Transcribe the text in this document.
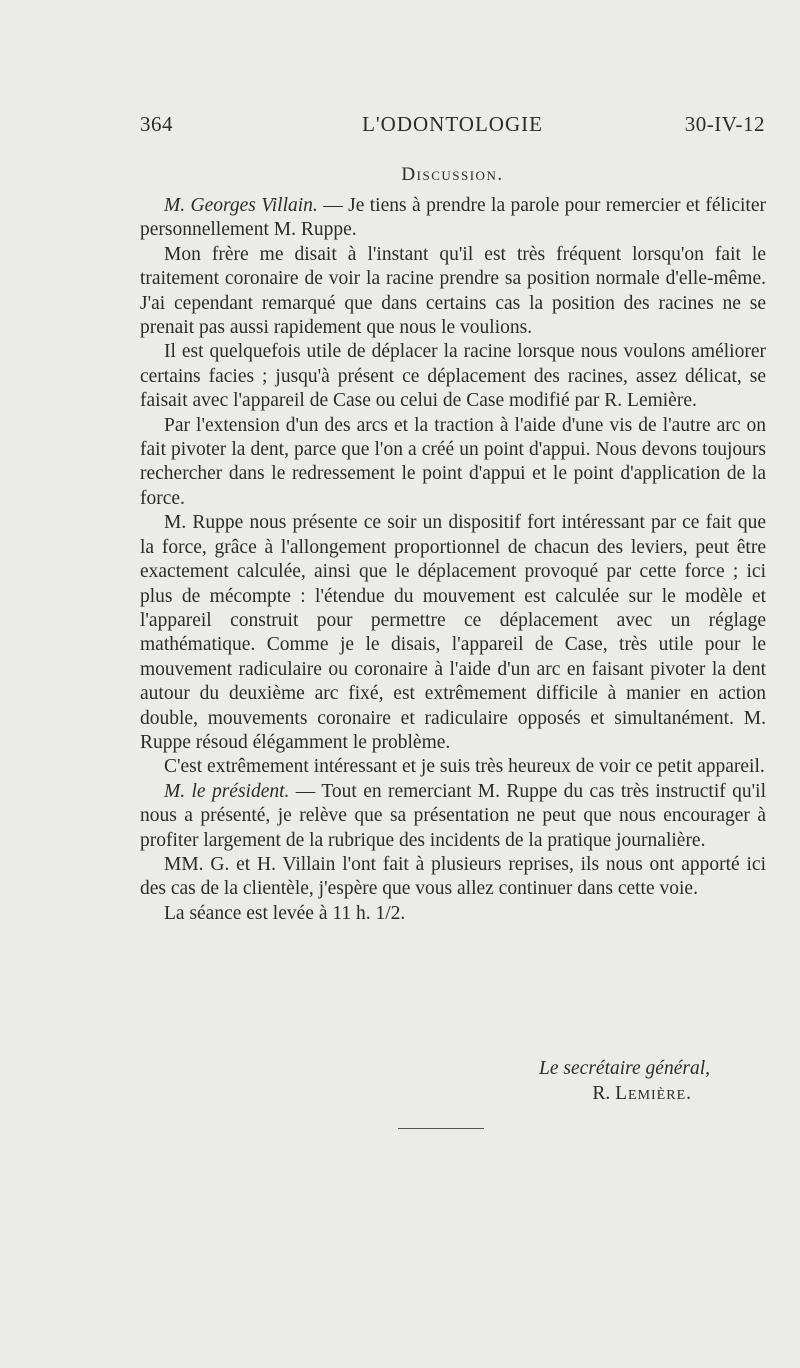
364	L'ODONTOLOGIE	30-IV-12
Discussion.

M. Georges Villain. — Je tiens à prendre la parole pour remercier et féliciter personnellement M. Ruppe.

Mon frère me disait à l'instant qu'il est très fréquent lorsqu'on fait le traitement coronaire de voir la racine prendre sa position normale d'elle-même. J'ai cependant remarqué que dans certains cas la position des racines ne se prenait pas aussi rapidement que nous le voulions.

Il est quelquefois utile de déplacer la racine lorsque nous voulons améliorer certains facies ; jusqu'à présent ce déplacement des racines, assez délicat, se faisait avec l'appareil de Case ou celui de Case modifié par R. Lemière.

Par l'extension d'un des arcs et la traction à l'aide d'une vis de l'autre arc on fait pivoter la dent, parce que l'on a créé un point d'appui. Nous devons toujours rechercher dans le redressement le point d'appui et le point d'application de la force.

M. Ruppe nous présente ce soir un dispositif fort intéressant par ce fait que la force, grâce à l'allongement proportionnel de chacun des leviers, peut être exactement calculée, ainsi que le déplacement provoqué par cette force ; ici plus de mécompte : l'étendue du mouvement est calculée sur le modèle et l'appareil construit pour permettre ce déplacement avec un réglage mathématique. Comme je le disais, l'appareil de Case, très utile pour le mouvement radiculaire ou coronaire à l'aide d'un arc en faisant pivoter la dent autour du deuxième arc fixé, est extrêmement difficile à manier en action double, mouvements coronaire et radiculaire opposés et simultanément. M. Ruppe résoud élégamment le problème.

C'est extrêmement intéressant et je suis très heureux de voir ce petit appareil.

M. le président. — Tout en remerciant M. Ruppe du cas très instructif qu'il nous a présenté, je relève que sa présentation ne peut que nous encourager à profiter largement de la rubrique des incidents de la pratique journalière.

MM. G. et H. Villain l'ont fait à plusieurs reprises, ils nous ont apporté ici des cas de la clientèle, j'espère que vous allez continuer dans cette voie.

La séance est levée à 11 h. 1/2.

Le secrétaire général,
R. Lemière.
